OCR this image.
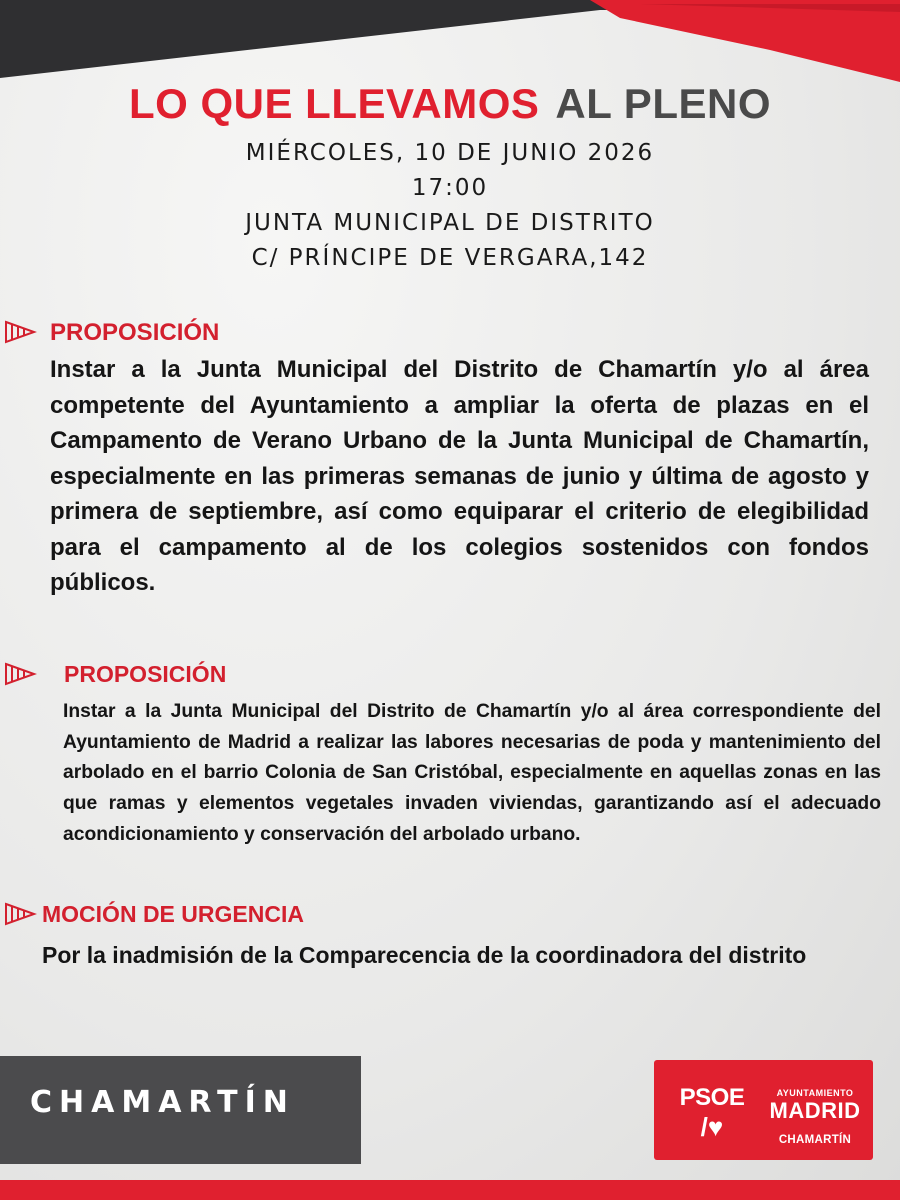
LO QUE LLEVAMOS AL PLENO
MIÉRCOLES, 10 DE JUNIO 2026
17:00
JUNTA MUNICIPAL DE DISTRITO
C/ PRÍNCIPE DE VERGARA,142
PROPOSICIÓN

Instar a la Junta Municipal del Distrito de Chamartín y/o al área competente del Ayuntamiento a ampliar la oferta de plazas en el Campamento de Verano Urbano de la Junta Municipal de Chamartín, especialmente en las primeras semanas de junio y última de agosto y primera de septiembre, así como equiparar el criterio de elegibilidad para el campamento al de los colegios sostenidos con fondos públicos.

PROPOSICIÓN

Instar a la Junta Municipal del Distrito de Chamartín y/o al área correspondiente del Ayuntamiento de Madrid a realizar las labores necesarias de poda y mantenimiento del arbolado en el barrio Colonia de San Cristóbal, especialmente en aquellas zonas en las que ramas y elementos vegetales invaden viviendas, garantizando así el adecuado acondicionamiento y conservación del arbolado urbano.

MOCIÓN DE URGENCIA

Por la inadmisión de la Comparecencia de la coordinadora del distrito

CHAMARTÍN	PSOE
/♥
AYUNTAMIENTO
MADRID
CHAMARTÍN
